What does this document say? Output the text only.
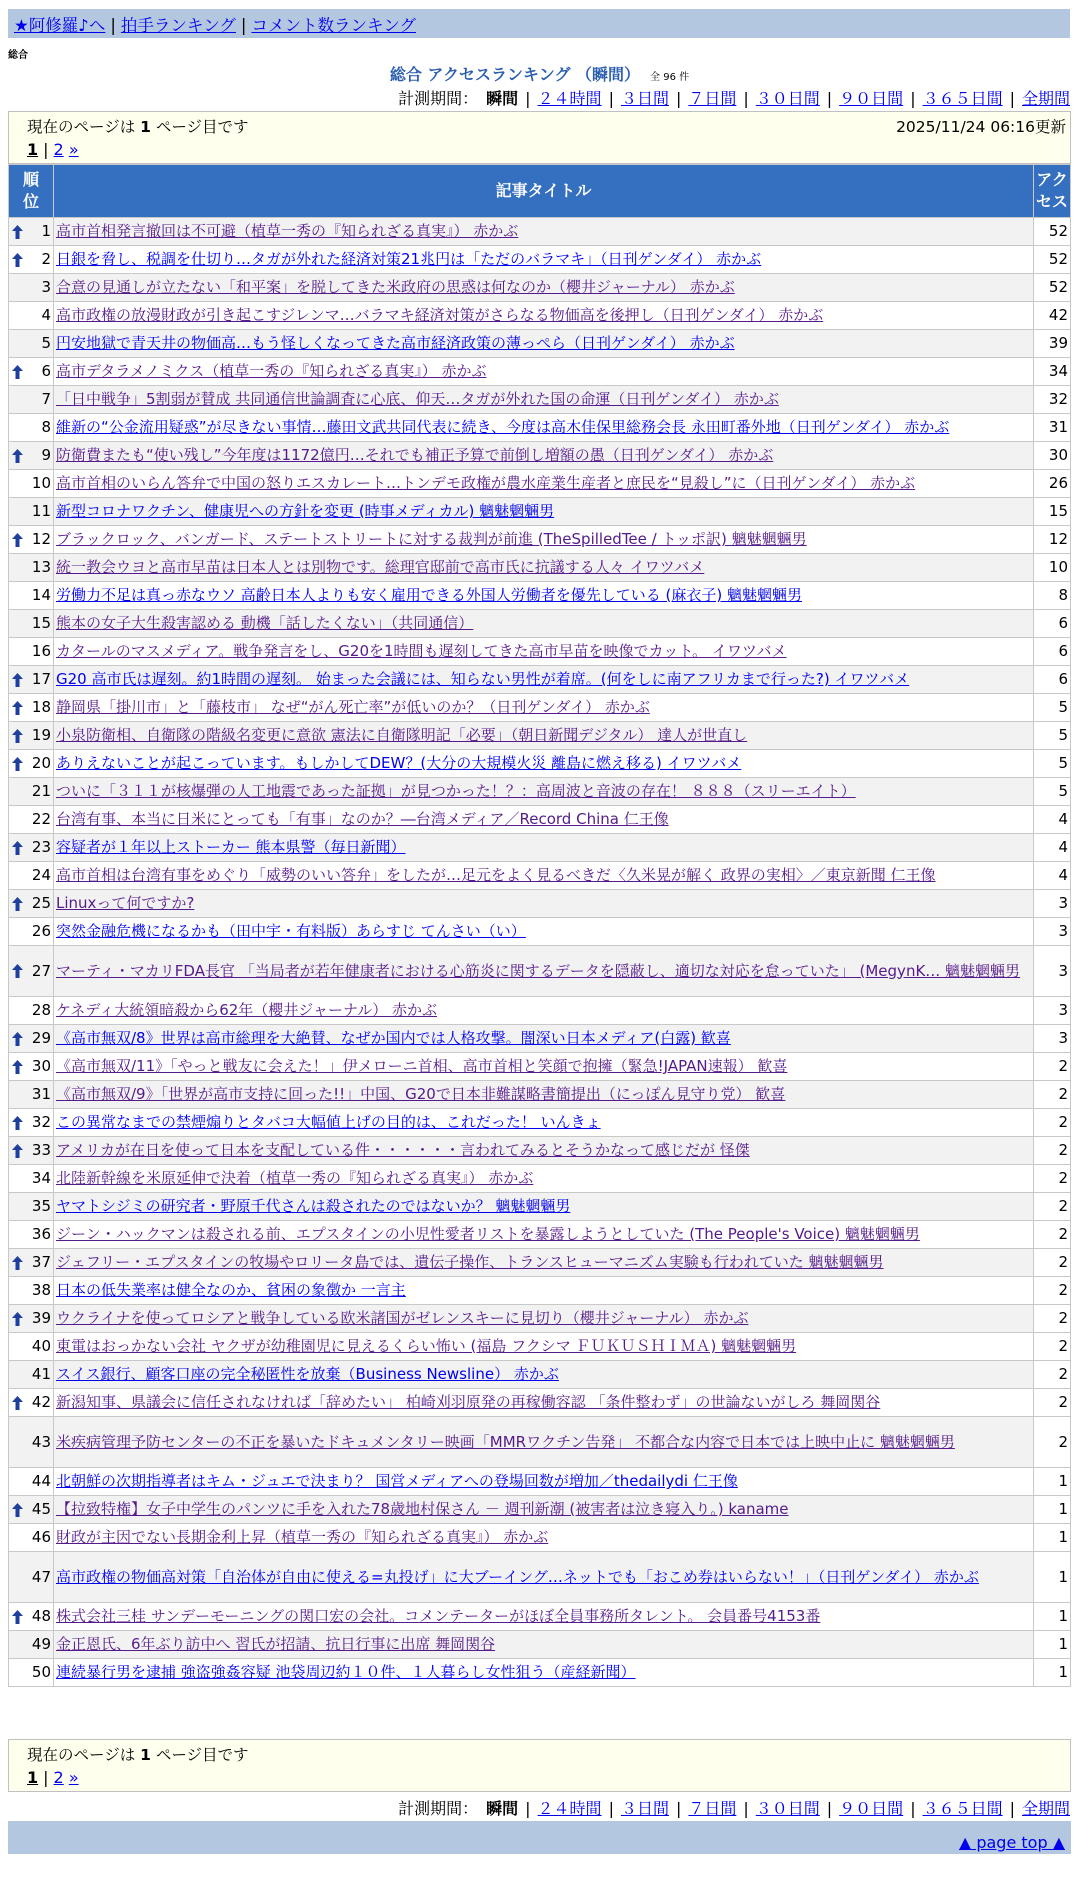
★阿修羅♪へ | 拍手ランキング | コメント数ランキング
総合
総合 アクセスランキング （瞬間） 全 96 件
計測期間： 瞬間 | ２４時間 | ３日間 | ７日間 | ３０日間 | ９０日間 | ３６５日間 | 全期間
現在のページは 1 ページ目です	2025/11/24 06:16更新
1 | 2 »
順位	記事タイトル	アクセス

1	高市首相発言撤回は不可避（植草一秀の『知られざる真実』） 赤かぶ	52

2	日銀を脅し、税調を仕切り…タガが外れた経済対策21兆円は「ただのバラマキ」（日刊ゲンダイ） 赤かぶ	52
3	合意の見通しが立たない「和平案」を脱してきた米政府の思惑は何なのか（櫻井ジャーナル） 赤かぶ	52
4	高市政権の放漫財政が引き起こすジレンマ…バラマキ経済対策がさらなる物価高を後押し（日刊ゲンダイ） 赤かぶ	42
5	円安地獄で青天井の物価高…もう怪しくなってきた高市経済政策の薄っぺら（日刊ゲンダイ） 赤かぶ	39

6	高市デタラメノミクス（植草一秀の『知られざる真実』） 赤かぶ	34
7	「日中戦争」5割弱が賛成 共同通信世論調査に心底、仰天…タガが外れた国の命運（日刊ゲンダイ） 赤かぶ	32
8	維新の“公金流用疑惑”が尽きない事情…藤田文武共同代表に続き、今度は高木佳保里総務会長 永田町番外地（日刊ゲンダイ） 赤かぶ	31

9	防衛費またも“使い残し”今年度は1172億円…それでも補正予算で前倒し増額の愚（日刊ゲンダイ） 赤かぶ	30
10	高市首相のいらん答弁で中国の怒りエスカレート…トンデモ政権が農水産業生産者と庶民を“見殺し”に（日刊ゲンダイ） 赤かぶ	26
11	新型コロナワクチン、健康児への方針を変更 (時事メディカル) 魑魅魍魎男	15

12	ブラックロック、バンガード、ステートストリートに対する裁判が前進 (TheSpilledTee / トッポ訳) 魑魅魍魎男	12
13	統一教会ウヨと高市早苗は日本人とは別物です。総理官邸前で高市氏に抗議する人々 イワツバメ	10
14	労働力不足は真っ赤なウソ 高齢日本人よりも安く雇用できる外国人労働者を優先している (麻衣子) 魑魅魍魎男	8
15	熊本の女子大生殺害認める 動機「話したくない」（共同通信）	6
16	カタールのマスメディア。戦争発言をし、G20を1時間も遅刻してきた高市早苗を映像でカット。 イワツバメ	6

17	G20 高市氏は遅刻。約1時間の遅刻。 始まった会議には、知らない男性が着席。(何をしに南アフリカまで行った?) イワツバメ	6

18	静岡県「掛川市」と「藤枝市」 なぜ“がん死亡率”が低いのか？（日刊ゲンダイ） 赤かぶ	5

19	小泉防衛相、自衛隊の階級名変更に意欲 憲法に自衛隊明記「必要」（朝日新聞デジタル） 達人が世直し	5

20	ありえないことが起こっています。もしかしてDEW？(大分の大規模火災 離島に燃え移る) イワツバメ	5
21	ついに「３１１が核爆弾の人工地震であった証拠」が見つかった！？：高周波と音波の存在！ ８８８（スリーエイト）	5
22	台湾有事、本当に日米にとっても「有事」なのか？―台湾メディア／Record China 仁王像	4

23	容疑者が１年以上ストーカー 熊本県警（毎日新聞）	4
24	高市首相は台湾有事をめぐり「威勢のいい答弁」をしたが…足元をよく見るべきだ〈久米晃が解く 政界の実相〉／東京新聞 仁王像	4

25	Linuxって何ですか?	3
26	突然金融危機になるかも（田中宇・有料版）あらすじ てんさい（い）	3

27	マーティ・マカリFDA長官 「当局者が若年健康者における心筋炎に関するデータを隠蔽し、適切な対応を怠っていた」 (MegynK… 魑魅魍魎男	3
28	ケネディ大統領暗殺から62年（櫻井ジャーナル） 赤かぶ	3

29	《高市無双/8》世界は高市総理を大絶賛、なぜか国内では人格攻撃。闇深い日本メディア(白露) 歓喜	3

30	《高市無双/11》「やっと戦友に会えた！」伊メローニ首相、高市首相と笑顔で抱擁（緊急!JAPAN速報） 歓喜	2
31	《高市無双/9》「世界が高市支持に回った!!」中国、G20で日本非難謀略書簡提出（にっぽん見守り党） 歓喜	2

32	この異常なまでの禁煙煽りとタバコ大幅値上げの目的は、これだった！ いんきょ	2

33	アメリカが在日を使って日本を支配している件・・・・・・言われてみるとそうかなって感じだが 怪傑	2
34	北陸新幹線を米原延伸で決着（植草一秀の『知られざる真実』） 赤かぶ	2
35	ヤマトシジミの研究者・野原千代さんは殺されたのではないか？ 魑魅魍魎男	2
36	ジーン・ハックマンは殺される前、エプスタインの小児性愛者リストを暴露しようとしていた (The People's Voice) 魑魅魍魎男	2

37	ジェフリー・エプスタインの牧場やロリータ島では、遺伝子操作、トランスヒューマニズム実験も行われていた 魑魅魍魎男	2
38	日本の低失業率は健全なのか、貧困の象徴か 一言主	2

39	ウクライナを使ってロシアと戦争している欧米諸国がゼレンスキーに見切り（櫻井ジャーナル） 赤かぶ	2
40	東電はおっかない会社 ヤクザが幼稚園児に見えるくらい怖い (福島 フクシマ ＦＵＫＵＳＨＩＭＡ) 魑魅魍魎男	2
41	スイス銀行、顧客口座の完全秘匿性を放棄（Business Newsline） 赤かぶ	2

42	新潟知事、県議会に信任されなければ「辞めたい」 柏崎刈羽原発の再稼働容認 「条件整わず」の世論ないがしろ 舞岡関谷	2
43	米疾病管理予防センターの不正を暴いたドキュメンタリー映画「MMRワクチン告発」 不都合な内容で日本では上映中止に 魑魅魍魎男	2
44	北朝鮮の次期指導者はキム・ジュエで決まり？ 国営メディアへの登場回数が増加／thedailydi 仁王像	1

45	【拉致特権】女子中学生のパンツに手を入れた78歳地村保さん － 週刊新潮 (被害者は泣き寝入り。) kaname	1
46	財政が主因でない長期金利上昇（植草一秀の『知られざる真実』） 赤かぶ	1
47	高市政権の物価高対策「自治体が自由に使える=丸投げ」に大ブーイング…ネットでも「おこめ券はいらない！」（日刊ゲンダイ） 赤かぶ	1

48	株式会社三桂 サンデーモーニングの関口宏の会社。コメンテーターがほぼ全員事務所タレント。 会員番号4153番	1
49	金正恩氏、6年ぶり訪中へ 習氏が招請、抗日行事に出席 舞岡関谷	1
50	連続暴行男を逮捕 強盗強姦容疑 池袋周辺約１０件、１人暮らし女性狙う（産経新聞）	1
現在のページは 1 ページ目です
1 | 2 »
計測期間： 瞬間 | ２４時間 | ３日間 | ７日間 | ３０日間 | ９０日間 | ３６５日間 | 全期間
▲ page top ▲
